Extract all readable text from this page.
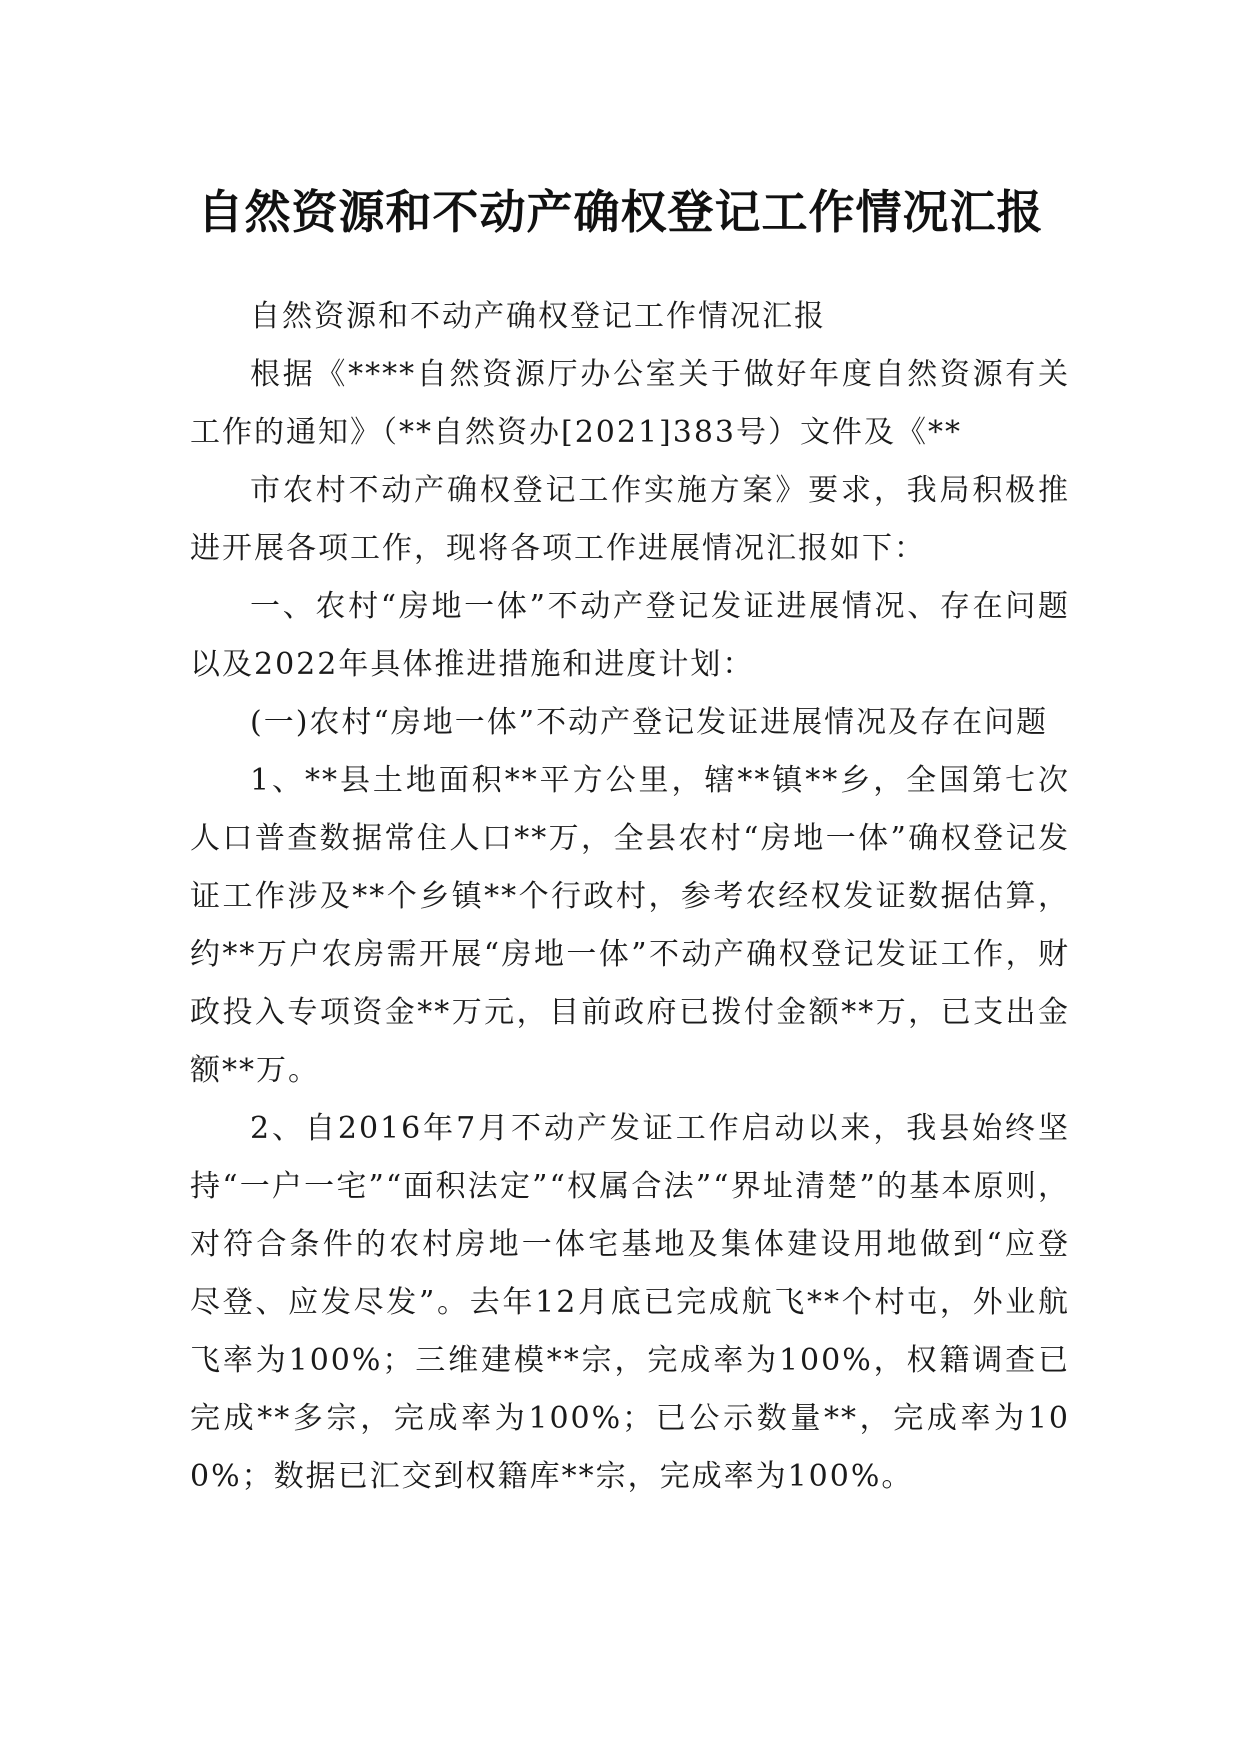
自然资源和不动产确权登记工作情况汇报

自然资源和不动产确权登记工作情况汇报

根据《****自然资源厅办公室关于做好年度自然资源有关工作的通知》（**自然资办[2021]383号）文件及《**

市农村不动产确权登记工作实施方案》要求，我局积极推进开展各项工作，现将各项工作进展情况汇报如下：

一、农村“房地一体”不动产登记发证进展情况、存在问题以及2022年具体推进措施和进度计划：

(一)农村“房地一体”不动产登记发证进展情况及存在问题

1、**县土地面积**平方公里，辖**镇**乡，全国第七次人口普查数据常住人口**万，全县农村“房地一体”确权登记发证工作涉及**个乡镇**个行政村，参考农经权发证数据估算，约**万户农房需开展“房地一体”不动产确权登记发证工作，财政投入专项资金**万元，目前政府已拨付金额**万，已支出金额**万。

2、自2016年7月不动产发证工作启动以来，我县始终坚持“一户一宅”“面积法定”“权属合法”“界址清楚”的基本原则，对符合条件的农村房地一体宅基地及集体建设用地做到“应登尽登、应发尽发”。去年12月底已完成航飞**个村屯，外业航飞率为100%；三维建模**宗，完成率为100%，权籍调查已完成**多宗，完成率为100%；已公示数量**，完成率为100%；数据已汇交到权籍库**宗，完成率为100%。
